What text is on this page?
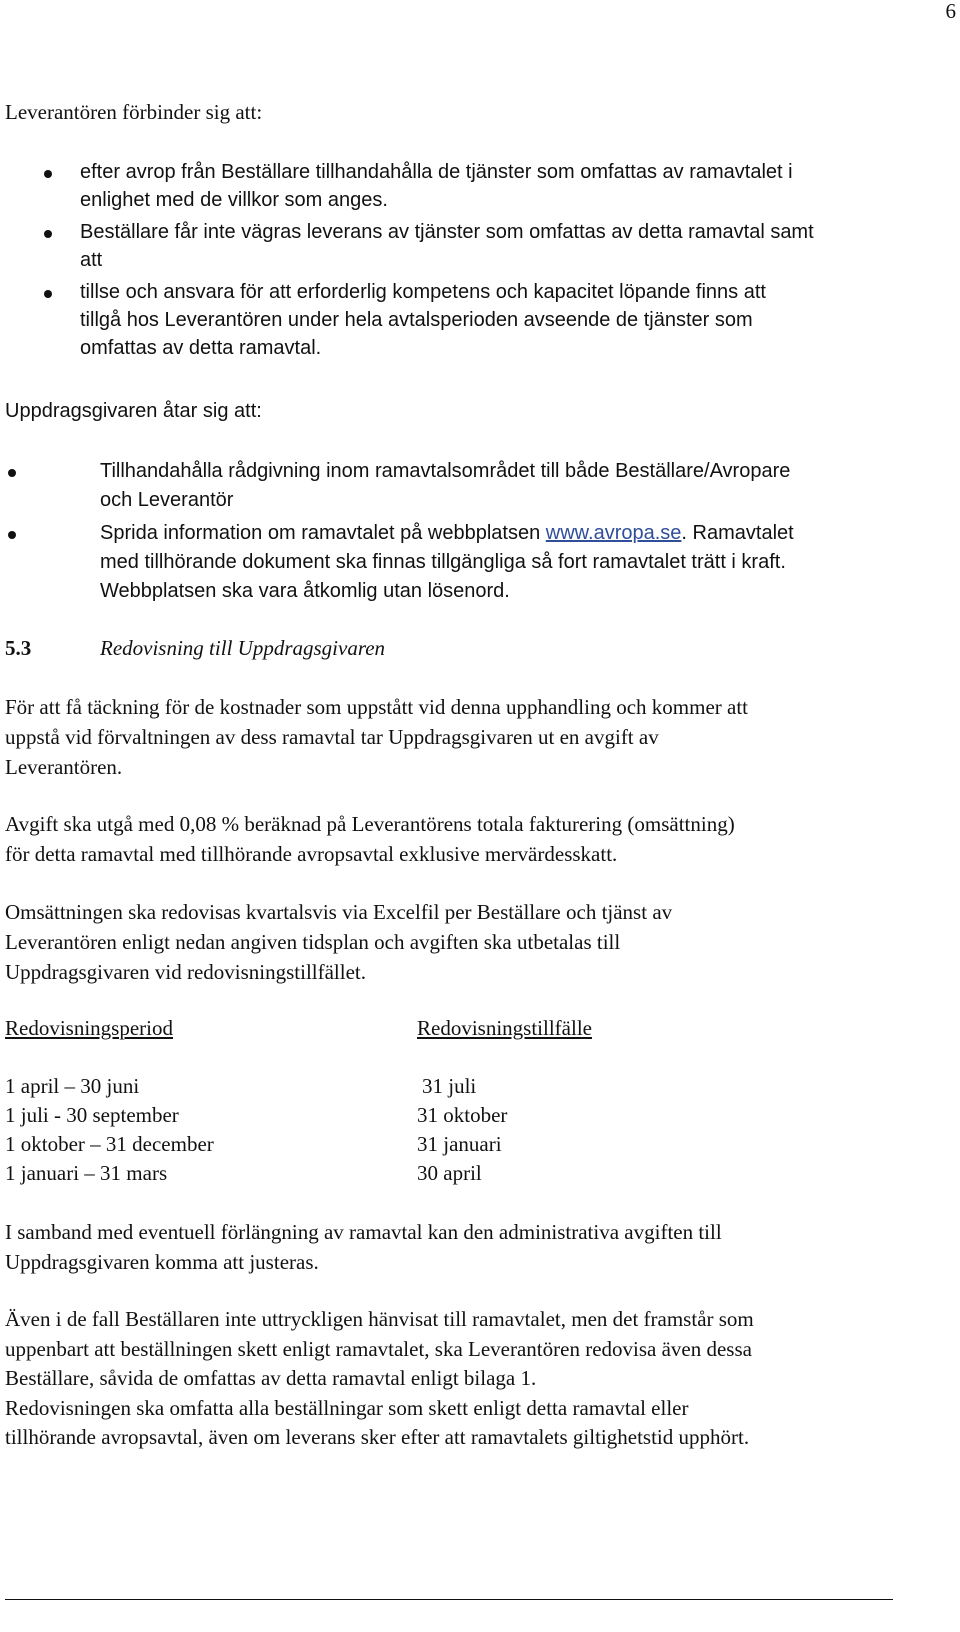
6
Leverantören förbinder sig att:
efter avrop från Beställare tillhandahålla de tjänster som omfattas av ramavtalet i
enlighet med de villkor som anges.
Beställare får inte vägras leverans av tjänster som omfattas av detta ramavtal samt
att
tillse och ansvara för att erforderlig kompetens och kapacitet löpande finns att
tillgå hos Leverantören under hela avtalsperioden avseende de tjänster som
omfattas av detta ramavtal.
Uppdragsgivaren åtar sig att:
Tillhandahålla rådgivning inom ramavtalsområdet till både Beställare/Avropare
och Leverantör
Sprida information om ramavtalet på webbplatsen www.avropa.se. Ramavtalet
med tillhörande dokument ska finnas tillgängliga så fort ramavtalet trätt i kraft.
Webbplatsen ska vara åtkomlig utan lösenord.
5.3	Redovisning till Uppdragsgivaren
För att få täckning för de kostnader som uppstått vid denna upphandling och kommer att
uppstå vid förvaltningen av dess ramavtal tar Uppdragsgivaren ut en avgift av
Leverantören.
Avgift ska utgå med 0,08 % beräknad på Leverantörens totala fakturering (omsättning)
för detta ramavtal med tillhörande avropsavtal exklusive mervärdesskatt.
Omsättningen ska redovisas kvartalsvis via Excelfil per Beställare och tjänst av
Leverantören enligt nedan angiven tidsplan och avgiften ska utbetalas till
Uppdragsgivaren vid redovisningstillfället.
Redovisningsperiod	Redovisningstillfälle
1 april – 30 juni	31 juli
1 juli - 30 september	31 oktober
1 oktober – 31 december	31 januari
1 januari – 31 mars	30 april
I samband med eventuell förlängning av ramavtal kan den administrativa avgiften till
Uppdragsgivaren komma att justeras.
Även i de fall Beställaren inte uttryckligen hänvisat till ramavtalet, men det framstår som
uppenbart att beställningen skett enligt ramavtalet, ska Leverantören redovisa även dessa
Beställare, såvida de omfattas av detta ramavtal enligt bilaga 1.
Redovisningen ska omfatta alla beställningar som skett enligt detta ramavtal eller
tillhörande avropsavtal, även om leverans sker efter att ramavtalets giltighetstid upphört.
